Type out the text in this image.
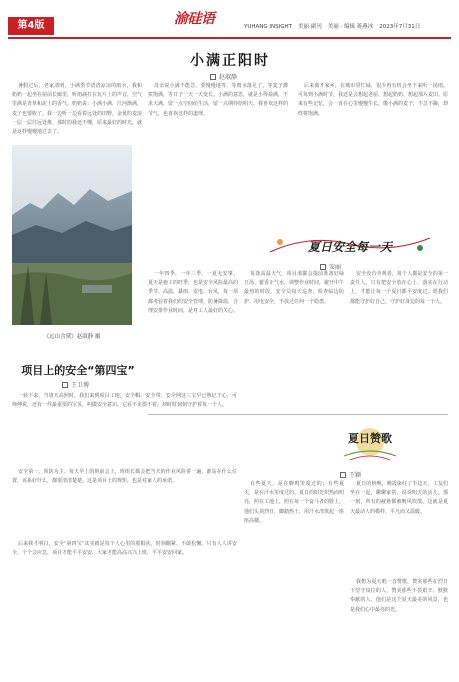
第4版	渝硅语	YUHANG INSIGHT 美丽·副刊 美丽 · 编辑 蒋燕冰 2023年7月31日
小满正阳时
赵淑静

暑假过后，老家清明，小满季节清清凉凉的雨水，我和奶奶一起坐在屋前长廊里，听雨滴打在瓦片上的声音，空气里满是青草和泥土的香气。奶奶说：小满小满，江河渐满，麦子也要收了。我一边听一边看着远处的田野，金黄的麦浪一层一层往远处推。那时的我还不懂，原来最好的时光，就是这样慢慢地过去了。

母亲说小满不能急，要慢慢地等，等雨水落足了，等麦子灌浆饱满，等日子一天一天变长。小满的意思，就是小得盈满，不求大满，留一点空间给生活，留一点期待给明天。我喜欢这样的节气，也喜欢这样的道理。

后来离开家乡，在城市里忙碌，很少再有机会坐下来听一场雨。可每到小满时节，我还是会想起老屋、想起奶奶、想起那片麦田。原来有些记忆，会一直在心里慢慢生长，像小满的麦子，不急不躁，却终将饱满。

《远山含黛》赵淑静 摄
项目上的安全“第四宝”
王卫博

一转下来，当诸天高照时，我们来到项目工地，安全帽、安全带、安全网这三宝早已熟记于心，可师傅说，还有一件最重要的宝贝，叫做安全意识。它看不见摸不着，却时时刻刻守护着每一个人。

安全第一，预防为主。每天早上的班前会上，班组长都会把当天的作业风险讲一遍，谁站在什么位置，该系好什么，都要清清楚楚。这是项目上的规矩，也是对家人的承诺。

后来我才明白，安全“第四宝”其实就是每个人心里的那根弦，时刻绷紧、不敢松懈。只有人人讲安全、个个会应急，项目才能平平安安，大家才能高高兴兴上班，平平安安回家。

夏日安全每一天
安丽

一年四季，一年三季，一夏无安事。夏天是施工的旺季，也是安全风险最高的季节。高温、暴雨、雷电、台风，每一项都考验着我们的安全管理。防暑降温，合理安排作业时间，是对工人最好的关心。

每逢高温天气，项目部都会提前准备好绿豆汤、藿香正气水，调整作业时间，避开中午最热的时段。安全员每天巡查，检查临边防护、用电安全，不放过任何一个隐患。

安全没有旁观者，每个人都是安全的第一责任人。只有把安全放在心上、落实在行动上，才能让每一个夏日都平安度过。愿我们都能守护好自己，守护好身边的每一个人。

夏日赞歌
王颖

有些夏天，是在蝉鸣里度过的；有些夏天，是在汗水里度过的。夏日的阳光炽热而明亮，照在工地上，照在每一个奋斗者的脸上。他们头顶烈日，脚踏热土，用汗水浇筑起一座座高楼。

夏日的傍晚，晚霞染红了半边天，工友们坐在一起，聊聊家常，说说明天的活儿。那一刻，所有的疲惫都被晚风吹散。这就是夏天最动人的模样，平凡而又温暖。

我想为夏天唱一首赞歌，赞美那些在烈日下坚守岗位的人，赞美那些不畏艰辛、默默奉献的人。他们是这个夏天最美的风景，也是我们心中最亮的光。
